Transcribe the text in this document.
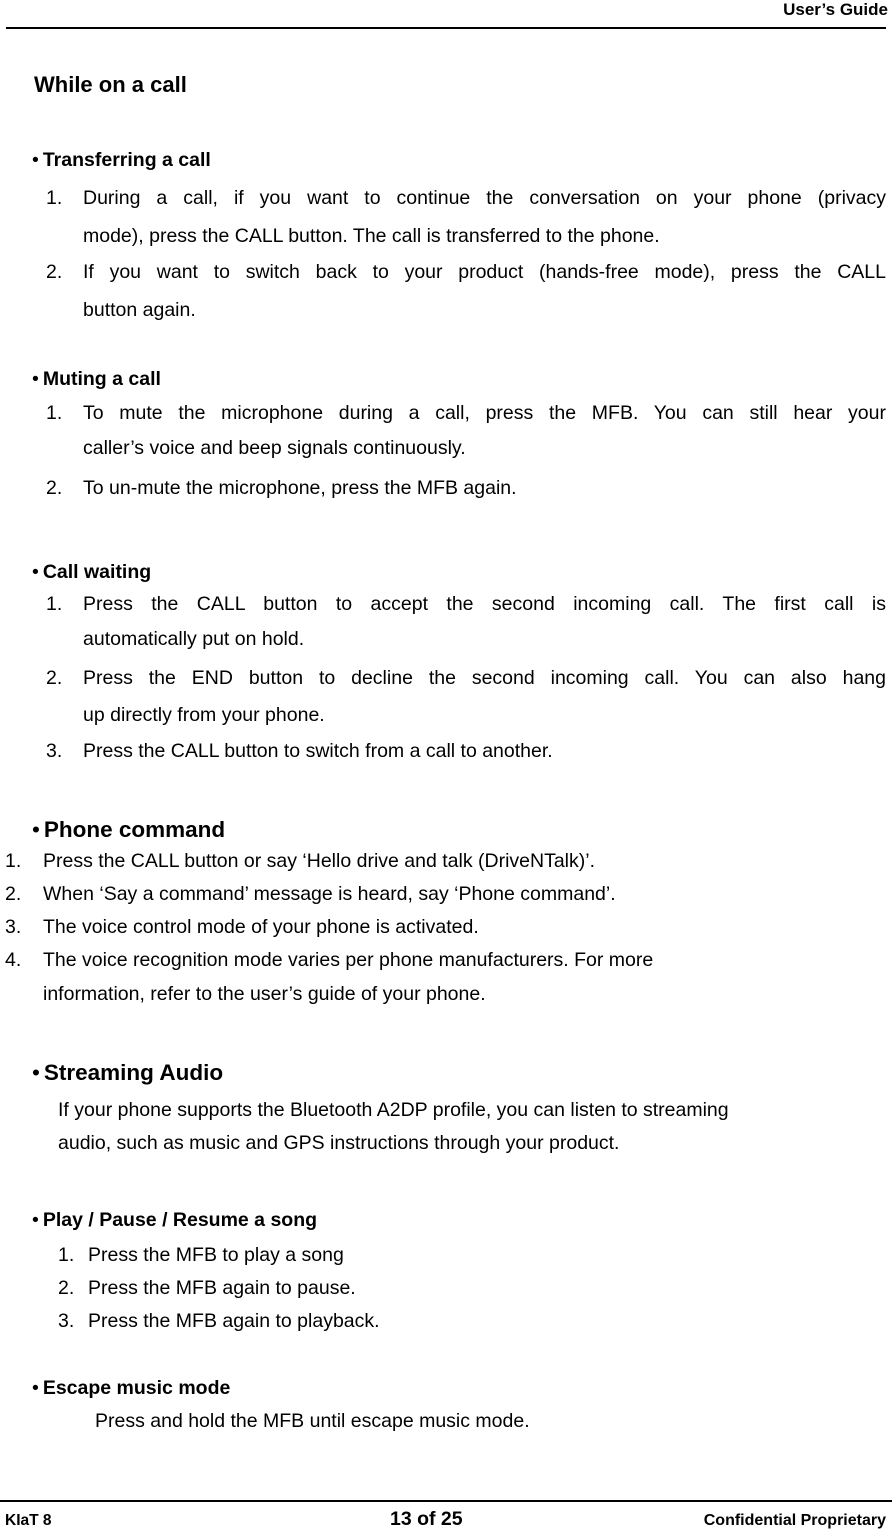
User’s Guide
While on a call
• Transferring a call
1. During a call, if you want to continue the conversation on your phone (privacy
mode), press the CALL button. The call is transferred to the phone.
2. If you want to switch back to your product (hands-free mode), press the CALL
button again.
• Muting a call
1. To mute the microphone during a call, press the MFB. You can still hear your
caller’s voice and beep signals continuously.
2. To un-mute the microphone, press the MFB again.
• Call waiting
1. Press the CALL button to accept the second incoming call. The first call is
automatically put on hold.
2. Press the END button to decline the second incoming call. You can also hang
up directly from your phone.
3. Press the CALL button to switch from a call to another.
• Phone command
1. Press the CALL button or say ‘Hello drive and talk (DriveNTalk)’.
2. When ‘Say a command’ message is heard, say ‘Phone command’.
3. The voice control mode of your phone is activated.
4. The voice recognition mode varies per phone manufacturers. For more
information, refer to the user’s guide of your phone.
• Streaming Audio
If your phone supports the Bluetooth A2DP profile, you can listen to streaming
audio, such as music and GPS instructions through your product.
• Play / Pause / Resume a song
1. Press the MFB to play a song
2. Press the MFB again to pause.
3. Press the MFB again to playback.
• Escape music mode
Press and hold the MFB until escape music mode.
KIaT 8	13 of 25	Confidential Proprietary
